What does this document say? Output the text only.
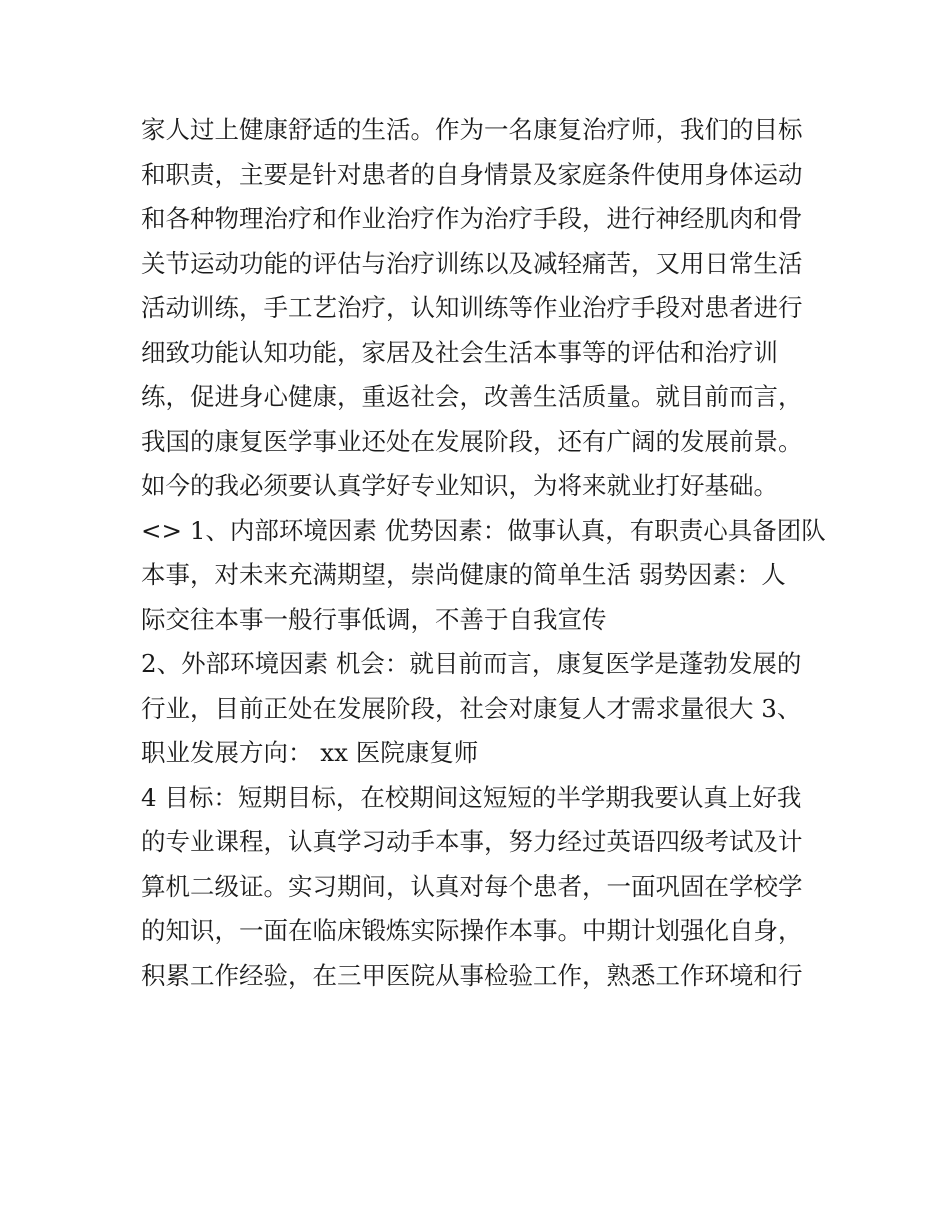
家人过上健康舒适的生活。作为一名康复治疗师，我们的目标
和职责，主要是针对患者的自身情景及家庭条件使用身体运动
和各种物理治疗和作业治疗作为治疗手段，进行神经肌肉和骨
关节运动功能的评估与治疗训练以及减轻痛苦，又用日常生活
活动训练，手工艺治疗，认知训练等作业治疗手段对患者进行
细致功能认知功能，家居及社会生活本事等的评估和治疗训
练，促进身心健康，重返社会，改善生活质量。就目前而言，
我国的康复医学事业还处在发展阶段，还有广阔的发展前景。
如今的我必须要认真学好专业知识，为将来就业打好基础。
<> 1、内部环境因素 优势因素：做事认真，有职责心具备团队
本事，对未来充满期望，崇尚健康的简单生活 弱势因素：人
际交往本事一般行事低调，不善于自我宣传
2、外部环境因素 机会：就目前而言，康复医学是蓬勃发展的
行业，目前正处在发展阶段，社会对康复人才需求量很大 3、
职业发展方向： xx 医院康复师
4 目标：短期目标，在校期间这短短的半学期我要认真上好我
的专业课程，认真学习动手本事，努力经过英语四级考试及计
算机二级证。实习期间，认真对每个患者，一面巩固在学校学
的知识，一面在临床锻炼实际操作本事。中期计划强化自身，
积累工作经验，在三甲医院从事检验工作，熟悉工作环境和行
